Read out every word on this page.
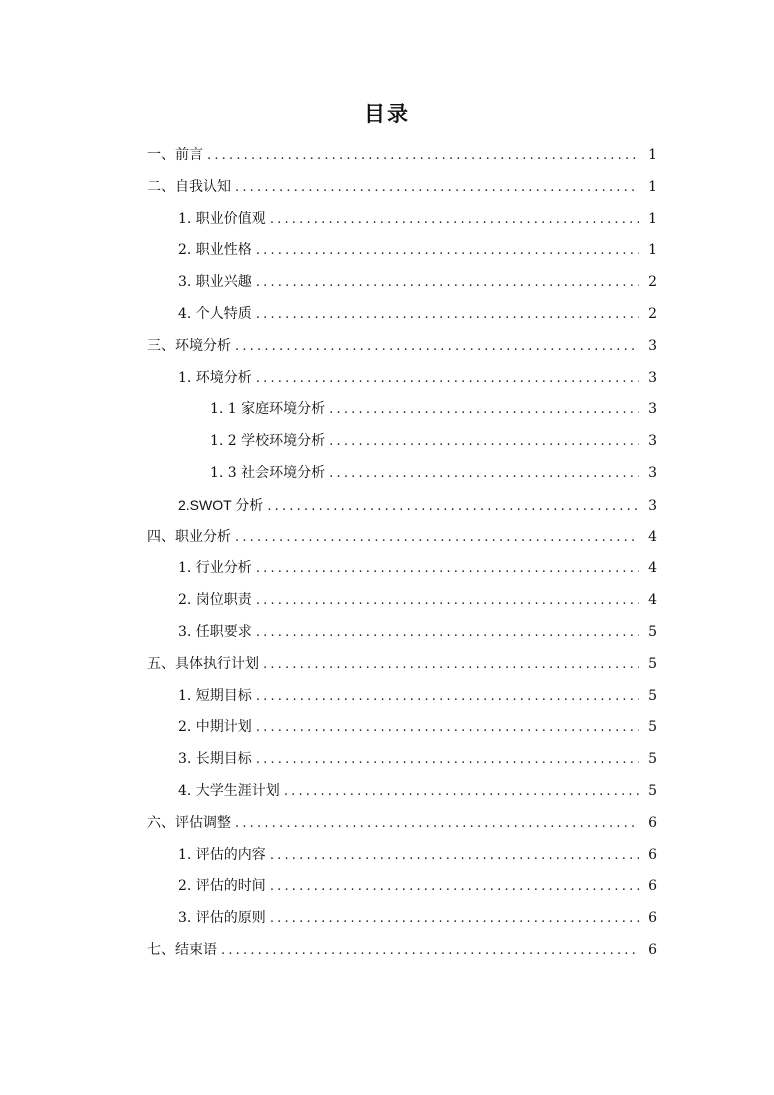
目录
一、前言 .....	1
二、自我认知 .....	1
1. 职业价值观 .....	1
2. 职业性格 .....	1
3. 职业兴趣 .....	2
4. 个人特质 .....	2
三、环境分析 .....	3
1. 环境分析 .....	3
1. 1 家庭环境分析 .....	3
1. 2 学校环境分析 .....	3
1. 3 社会环境分析 .....	3
2.SWOT 分析 .....	3
四、职业分析 .....	4
1. 行业分析 .....	4
2. 岗位职责 .....	4
3. 任职要求 .....	5
五、具体执行计划 .....	5
1. 短期目标 .....	5
2. 中期计划 .....	5
3. 长期目标 .....	5
4. 大学生涯计划 .....	5
六、评估调整 .....	6
1. 评估的内容 .....	6
2. 评估的时间 .....	6
3. 评估的原则 .....	6
七、结束语 .....	6
